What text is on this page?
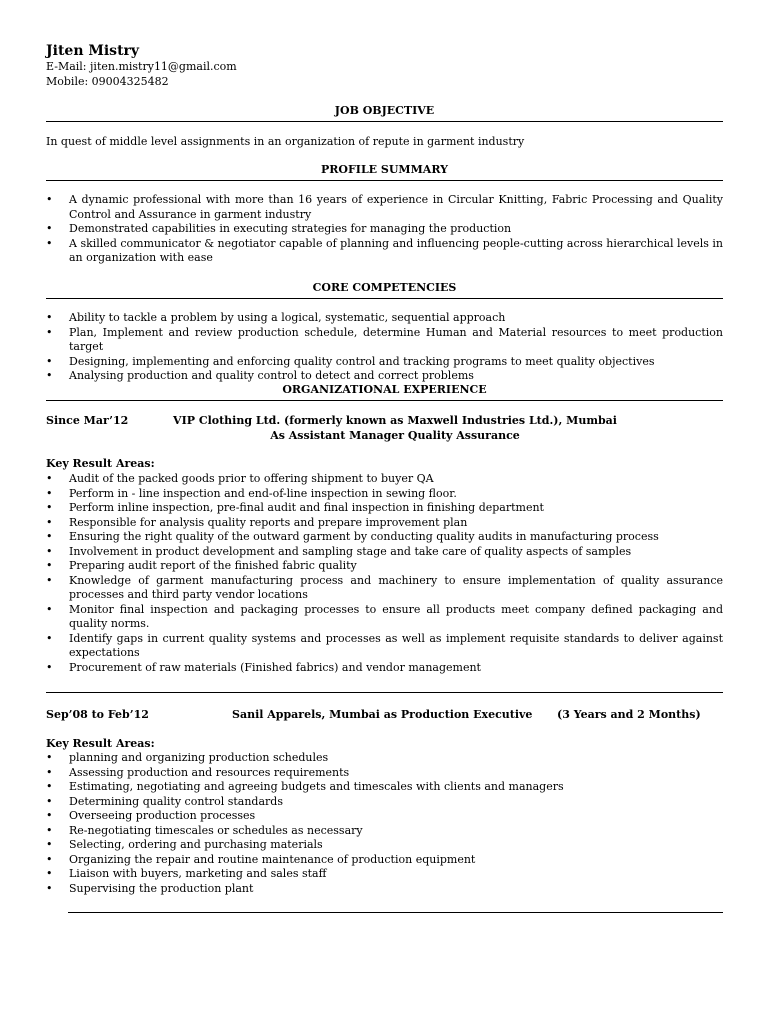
Jiten Mistry
E-Mail: jiten.mistry11@gmail.com
Mobile: 09004325482
JOB OBJECTIVE
In quest of middle level assignments in an organization of repute in garment industry
PROFILE SUMMARY
• A dynamic professional with more than 16 years of experience in Circular Knitting, Fabric Processing and Quality Control and Assurance in garment industry
• Demonstrated capabilities in executing strategies for managing the production
• A skilled communicator & negotiator capable of planning and influencing people-cutting across hierarchical levels in an organization with ease
CORE COMPETENCIES
• Ability to tackle a problem by using a logical, systematic, sequential approach
• Plan, Implement and review production schedule, determine Human and Material resources to meet production target
• Designing, implementing and enforcing quality control and tracking programs to meet quality objectives
• Analysing production and quality control to detect and correct problems
ORGANIZATIONAL EXPERIENCE
Since Mar’12	VIP Clothing Ltd. (formerly known as Maxwell Industries Ltd.), Mumbai
As Assistant Manager Quality Assurance
Key Result Areas:
• Audit of the packed goods prior to offering shipment to buyer QA
• Perform in - line inspection and end-of-line inspection in sewing floor.
• Perform inline inspection, pre-final audit and final inspection in finishing department
• Responsible for analysis quality reports and prepare improvement plan
• Ensuring the right quality of the outward garment by conducting quality audits in manufacturing process
• Involvement in product development and sampling stage and take care of quality aspects of samples
• Preparing audit report of the finished fabric quality
• Knowledge of garment manufacturing process and machinery to ensure implementation of quality assurance processes and third party vendor locations
• Monitor final inspection and packaging processes to ensure all products meet company defined packaging and quality norms.
• Identify gaps in current quality systems and processes as well as implement requisite standards to deliver against expectations
• Procurement of raw materials (Finished fabrics) and vendor management
Sep’08 to Feb’12	Sanil Apparels, Mumbai as Production Executive (3 Years and 2 Months)
Key Result Areas:
• planning and organizing production schedules
• Assessing production and resources requirements
• Estimating, negotiating and agreeing budgets and timescales with clients and managers
• Determining quality control standards
• Overseeing production processes
• Re-negotiating timescales or schedules as necessary
• Selecting, ordering and purchasing materials
• Organizing the repair and routine maintenance of production equipment
• Liaison with buyers, marketing and sales staff
• Supervising the production plant
